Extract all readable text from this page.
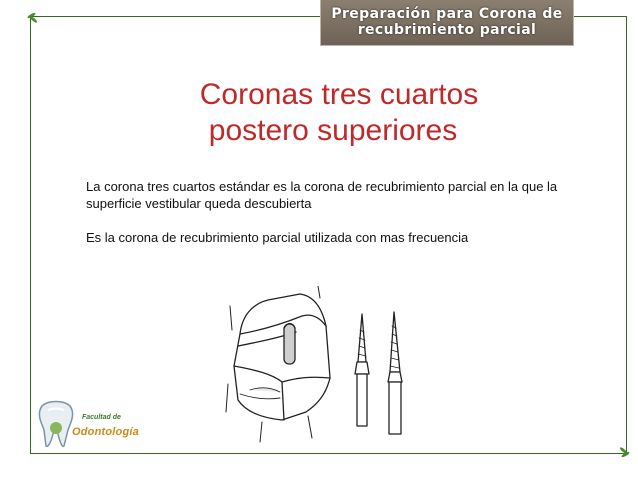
Preparación para Corona de
recubrimiento parcial
Coronas tres cuartos
postero superiores
La corona tres cuartos estándar es la corona de recubrimiento parcial en la que la superficie vestibular queda descubierta
Es la corona de recubrimiento parcial utilizada con mas frecuencia
Facultad de
Odontología
